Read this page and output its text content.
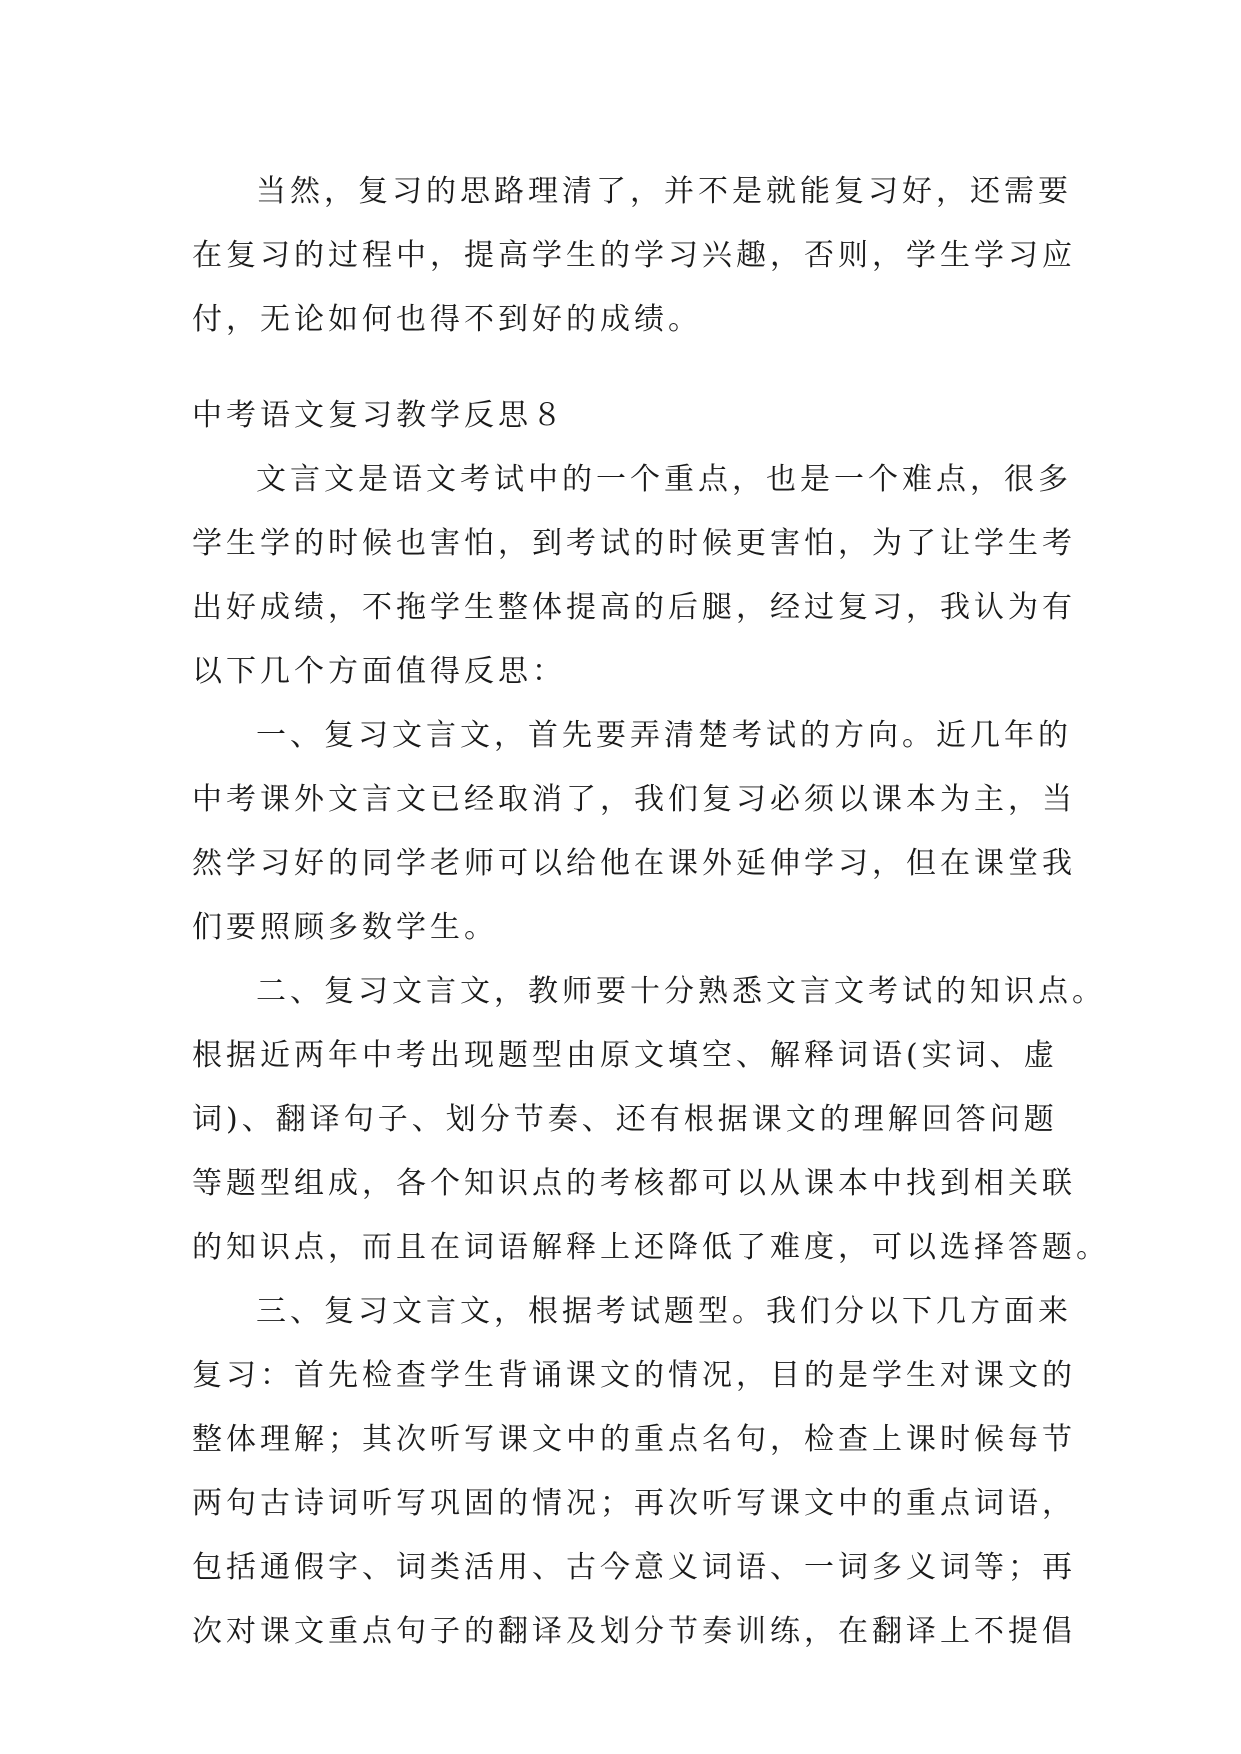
当然，复习的思路理清了，并不是就能复习好，还需要
在复习的过程中，提高学生的学习兴趣，否则，学生学习应
付，无论如何也得不到好的成绩。
中考语文复习教学反思８
文言文是语文考试中的一个重点，也是一个难点，很多
学生学的时候也害怕，到考试的时候更害怕，为了让学生考
出好成绩，不拖学生整体提高的后腿，经过复习，我认为有
以下几个方面值得反思：
一、复习文言文，首先要弄清楚考试的方向。近几年的
中考课外文言文已经取消了，我们复习必须以课本为主，当
然学习好的同学老师可以给他在课外延伸学习，但在课堂我
们要照顾多数学生。
二、复习文言文，教师要十分熟悉文言文考试的知识点。
根据近两年中考出现题型由原文填空、解释词语(实词、虚
词)、翻译句子、划分节奏、还有根据课文的理解回答问题
等题型组成，各个知识点的考核都可以从课本中找到相关联
的知识点，而且在词语解释上还降低了难度，可以选择答题。
三、复习文言文，根据考试题型。我们分以下几方面来
复习：首先检查学生背诵课文的情况，目的是学生对课文的
整体理解；其次听写课文中的重点名句，检查上课时候每节
两句古诗词听写巩固的情况；再次听写课文中的重点词语，
包括通假字、词类活用、古今意义词语、一词多义词等；再
次对课文重点句子的翻译及划分节奏训练，在翻译上不提倡
